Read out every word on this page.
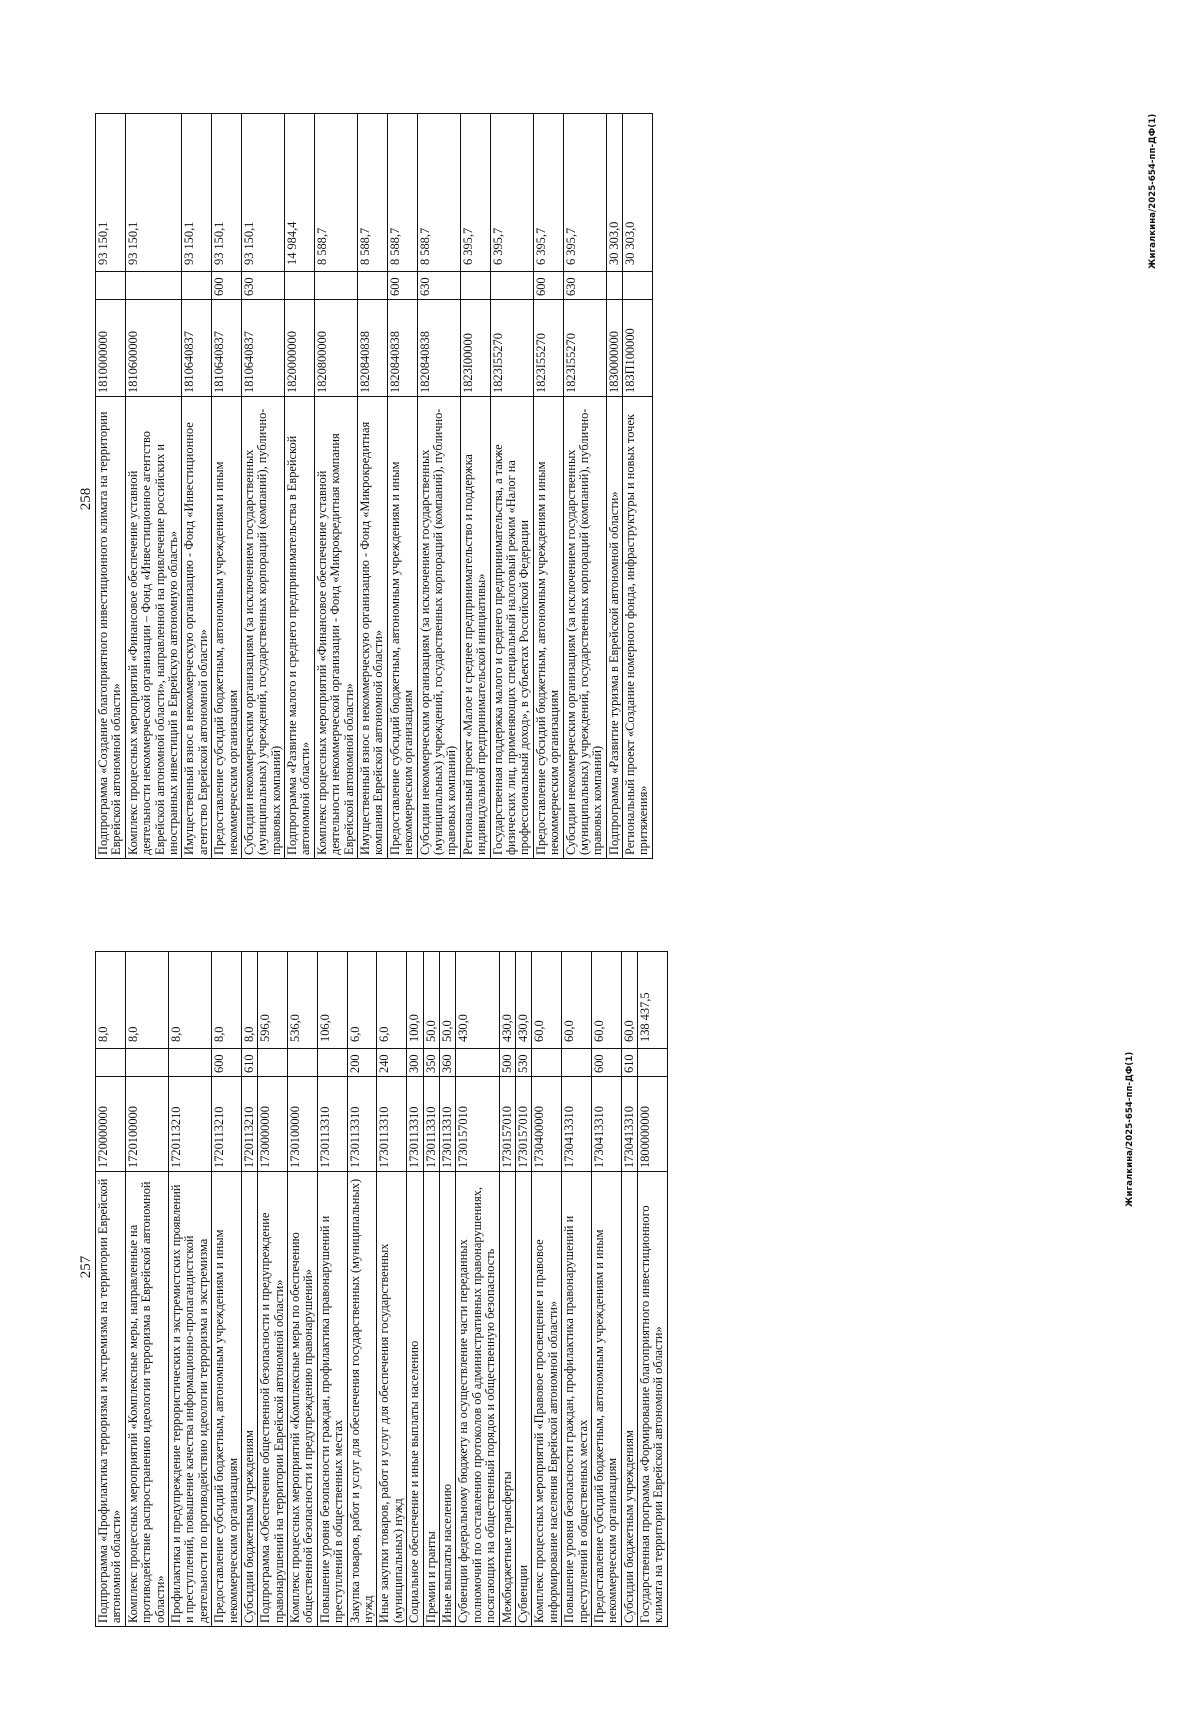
257 Подпрограмма «Профилактика терроризма и экстремизма на территории Еврейской автономной области»	1720000000		8,0
Комплекс процессных мероприятий «Комплексные меры, направленные на противодействие распространению идеологии терроризма в Еврейской автономной области»	1720100000		8,0
Профилактика и предупреждение террористических и экстремистских проявлений и преступлений, повышение качества информационно-пропагандистской деятельности по противодействию идеологии терроризма и экстремизма	1720113210		8,0
Предоставление субсидий бюджетным, автономным учреждениям и иным некоммерческим организациям	1720113210	600	8,0
Субсидии бюджетным учреждениям	1720113210	610	8,0
Подпрограмма «Обеспечение общественной безопасности и предупреждение правонарушений на территории Еврейской автономной области»	1730000000		596,0
Комплекс процессных мероприятий «Комплексные меры по обеспечению общественной безопасности и предупреждению правонарушений»	1730100000		536,0
Повышение уровня безопасности граждан, профилактика правонарушений и преступлений в общественных местах	1730113310		106,0
Закупка товаров, работ и услуг для обеспечения государственных (муниципальных) нужд	1730113310	200	6,0
Иные закупки товаров, работ и услуг для обеспечения государственных (муниципальных) нужд	1730113310	240	6,0
Социальное обеспечение и иные выплаты населению	1730113310	300	100,0
Премии и гранты	1730113310	350	50,0
Иные выплаты населению	1730113310	360	50,0
Субвенции федеральному бюджету на осуществление части переданных полномочий по составлению протоколов об административных правонарушениях, посягающих на общественный порядок и общественную безопасность	1730157010		430,0
Межбюджетные трансферты	1730157010	500	430,0
Субвенции	1730157010	530	430,0
Комплекс процессных мероприятий «Правовое просвещение и правовое информирование населения Еврейской автономной области»	1730400000		60,0
Повышение уровня безопасности граждан, профилактика правонарушений и преступлений в общественных местах	1730413310		60,0
Предоставление субсидий бюджетным, автономным учреждениям и иным некоммерческим организациям	1730413310	600	60,0
Субсидии бюджетным учреждениям	1730413310	610	60,0
Государственная программа «Формирование благоприятного инвестиционного климата на территории Еврейской автономной области»	1800000000		138 437,5
Жигалкина/2025-654-пп-ДФ(1)
258 Подпрограмма «Создание благоприятного инвестиционного климата на территории Еврейской автономной области»	1810000000		93 150,1
Комплекс процессных мероприятий «Финансовое обеспечение уставной деятельности некоммерческой организации – Фонд «Инвестиционное агентство Еврейской автономной области», направленной на привлечение российских и иностранных инвестиций в Еврейскую автономную область»	1810600000		93 150,1
Имущественный взнос в некоммерческую организацию - Фонд «Инвестиционное агентство Еврейской автономной области»	1810640837		93 150,1
Предоставление субсидий бюджетным, автономным учреждениям и иным некоммерческим организациям	1810640837	600	93 150,1
Субсидии некоммерческим организациям (за исключением государственных (муниципальных) учреждений, государственных корпораций (компаний), публично-правовых компаний)	1810640837	630	93 150,1
Подпрограмма «Развитие малого и среднего предпринимательства в Еврейской автономной области»	1820000000		14 984,4
Комплекс процессных мероприятий «Финансовое обеспечение уставной деятельности некоммерческой организации - Фонд «Микрокредитная компания Еврейской автономной области»	1820800000		8 588,7
Имущественный взнос в некоммерческую организацию - Фонд «Микрокредитная компания Еврейской автономной области»	1820840838		8 588,7
Предоставление субсидий бюджетным, автономным учреждениям и иным некоммерческим организациям	1820840838	600	8 588,7
Субсидии некоммерческим организациям (за исключением государственных (муниципальных) учреждений, государственных корпораций (компаний), публично-правовых компаний)	1820840838	630	8 588,7
Региональный проект «Малое и среднее предпринимательство и поддержка индивидуальной предпринимательской инициативы»	1823I00000		6 395,7
Государственная поддержка малого и среднего предпринимательства, а также физических лиц, применяющих специальный налоговый режим «Налог на профессиональный доход», в субъектах Российской Федерации	1823I55270		6 395,7
Предоставление субсидий бюджетным, автономным учреждениям и иным некоммерческим организациям	1823I55270	600	6 395,7
Субсидии некоммерческим организациям (за исключением государственных (муниципальных) учреждений, государственных корпораций (компаний), публично-правовых компаний)	1823I55270	630	6 395,7
Подпрограмма «Развитие туризма в Еврейской автономной области»	1830000000		30 303,0
Региональный проект «Создание номерного фонда, инфраструктуры и новых точек притяжения»	183П100000		30 303,0	Жигалкина/2025-654-пп-ДФ(1)
